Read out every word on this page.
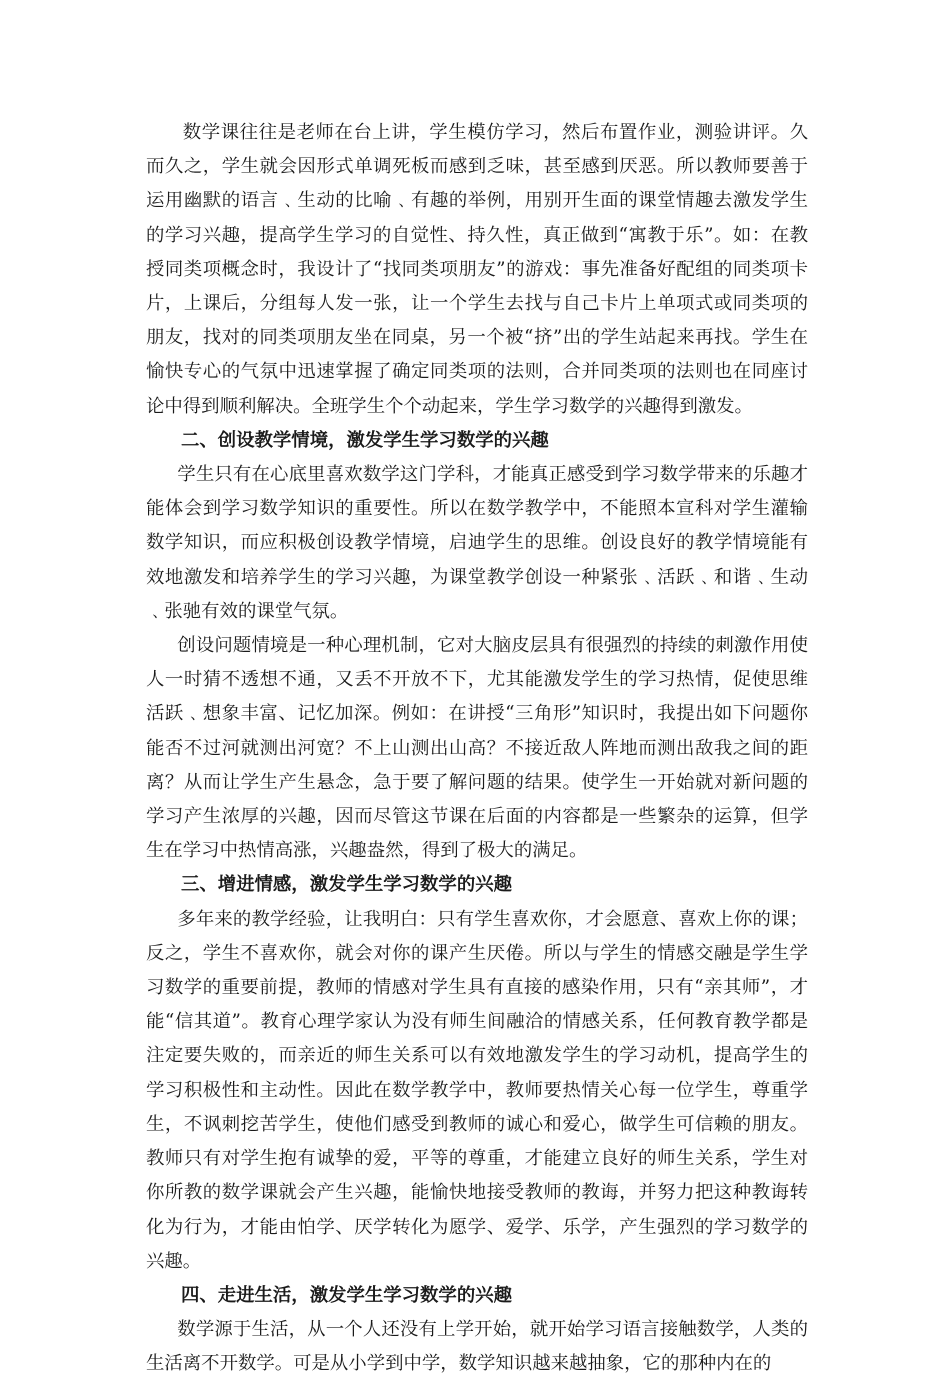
数学课往往是老师在台上讲，学生模仿学习，然后布置作业，测验讲评。久而久之，学生就会因形式单调死板而感到乏味，甚至感到厌恶。所以教师要善于运用幽默的语言﹑生动的比喻﹑有趣的举例，用别开生面的课堂情趣去激发学生的学习兴趣，提高学生学习的自觉性、持久性，真正做到“寓教于乐”。如：在教授同类项概念时，我设计了“找同类项朋友”的游戏：事先准备好配组的同类项卡片，上课后，分组每人发一张，让一个学生去找与自己卡片上单项式或同类项的朋友，找对的同类项朋友坐在同桌，另一个被“挤”出的学生站起来再找。学生在愉快专心的气氛中迅速掌握了确定同类项的法则，合并同类项的法则也在同座讨论中得到顺利解决。全班学生个个动起来，学生学习数学的兴趣得到激发。

二、创设教学情境，激发学生学习数学的兴趣

学生只有在心底里喜欢数学这门学科，才能真正感受到学习数学带来的乐趣才能体会到学习数学知识的重要性。所以在数学教学中，不能照本宣科对学生灌输数学知识，而应积极创设教学情境，启迪学生的思维。创设良好的教学情境能有效地激发和培养学生的学习兴趣，为课堂教学创设一种紧张﹑活跃﹑和谐﹑生动﹑张驰有效的课堂气氛。

创设问题情境是一种心理机制，它对大脑皮层具有很强烈的持续的刺激作用使人一时猜不透想不通，又丢不开放不下，尤其能激发学生的学习热情，促使思维活跃﹑想象丰富、记忆加深。例如：在讲授“三角形”知识时，我提出如下问题你能否不过河就测出河宽？不上山测出山高？不接近敌人阵地而测出敌我之间的距离？从而让学生产生悬念，急于要了解问题的结果。使学生一开始就对新问题的学习产生浓厚的兴趣，因而尽管这节课在后面的内容都是一些繁杂的运算，但学生在学习中热情高涨，兴趣盎然，得到了极大的满足。

三、增进情感，激发学生学习数学的兴趣

多年来的教学经验，让我明白：只有学生喜欢你，才会愿意、喜欢上你的课；反之，学生不喜欢你，就会对你的课产生厌倦。所以与学生的情感交融是学生学习数学的重要前提，教师的情感对学生具有直接的感染作用，只有“亲其师”，才能“信其道”。教育心理学家认为没有师生间融洽的情感关系，任何教育教学都是注定要失败的，而亲近的师生关系可以有效地激发学生的学习动机，提高学生的学习积极性和主动性。因此在数学教学中，教师要热情关心每一位学生，尊重学生，不讽刺挖苦学生，使他们感受到教师的诚心和爱心，做学生可信赖的朋友。教师只有对学生抱有诚挚的爱，平等的尊重，才能建立良好的师生关系，学生对你所教的数学课就会产生兴趣，能愉快地接受教师的教诲，并努力把这种教诲转化为行为，才能由怕学、厌学转化为愿学、爱学、乐学，产生强烈的学习数学的兴趣。

四、走进生活，激发学生学习数学的兴趣

数学源于生活，从一个人还没有上学开始，就开始学习语言接触数学，人类的生活离不开数学。可是从小学到中学，数学知识越来越抽象，它的那种内在的
